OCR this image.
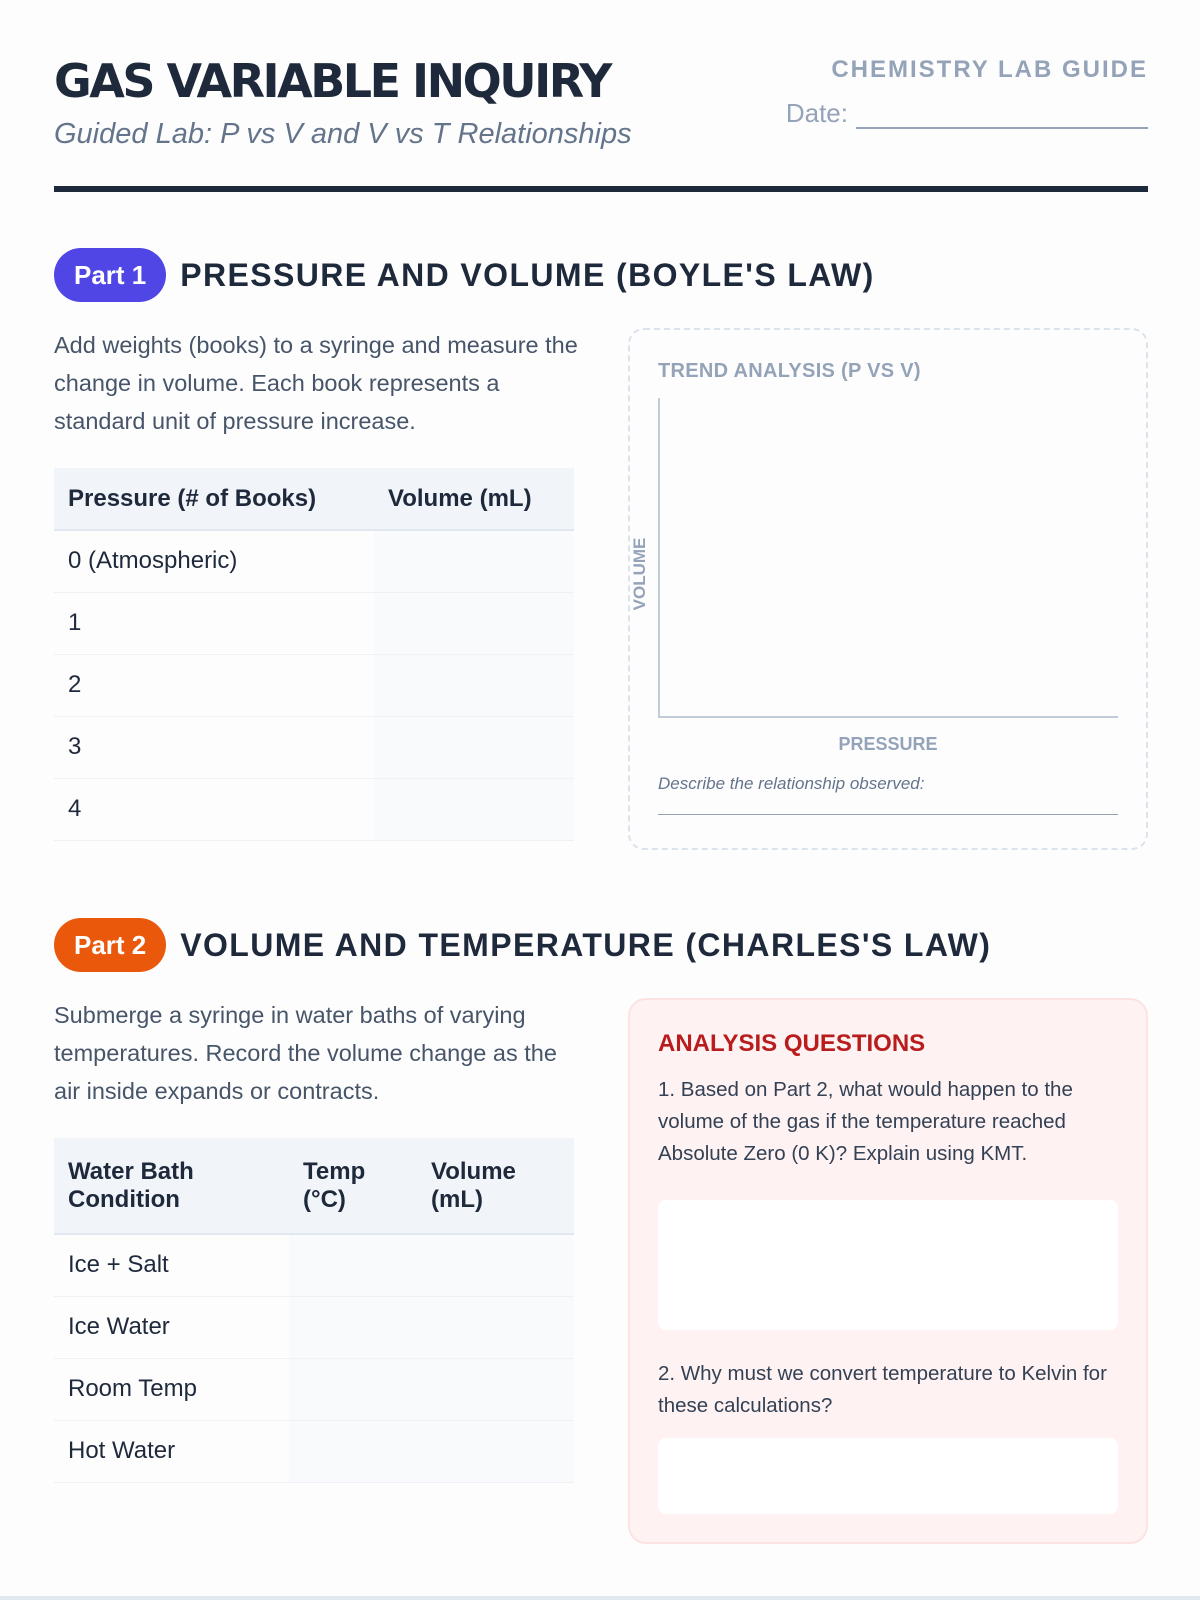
GAS VARIABLE INQUIRY
Guided Lab: P vs V and V vs T Relationships
CHEMISTRY LAB GUIDE
Date:
Part 1	PRESSURE AND VOLUME (BOYLE'S LAW)

Add weights (books) to a syringe and measure the change in volume. Each book represents a standard unit of pressure increase.

Pressure (# of Books)	Volume (mL)
0 (Atmospheric)	
1	
2	
3	
4	
TREND ANALYSIS (P VS V)
VOLUME
PRESSURE
Describe the relationship observed:
Part 2	VOLUME AND TEMPERATURE (CHARLES'S LAW)

Submerge a syringe in water baths of varying temperatures. Record the volume change as the air inside expands or contracts.

Water Bath Condition	Temp (°C)	Volume (mL)
Ice + Salt		
Ice Water		
Room Temp		
Hot Water		
ANALYSIS QUESTIONS

1. Based on Part 2, what would happen to the volume of the gas if the temperature reached Absolute Zero (0 K)? Explain using KMT.

2. Why must we convert temperature to Kelvin for these calculations?
